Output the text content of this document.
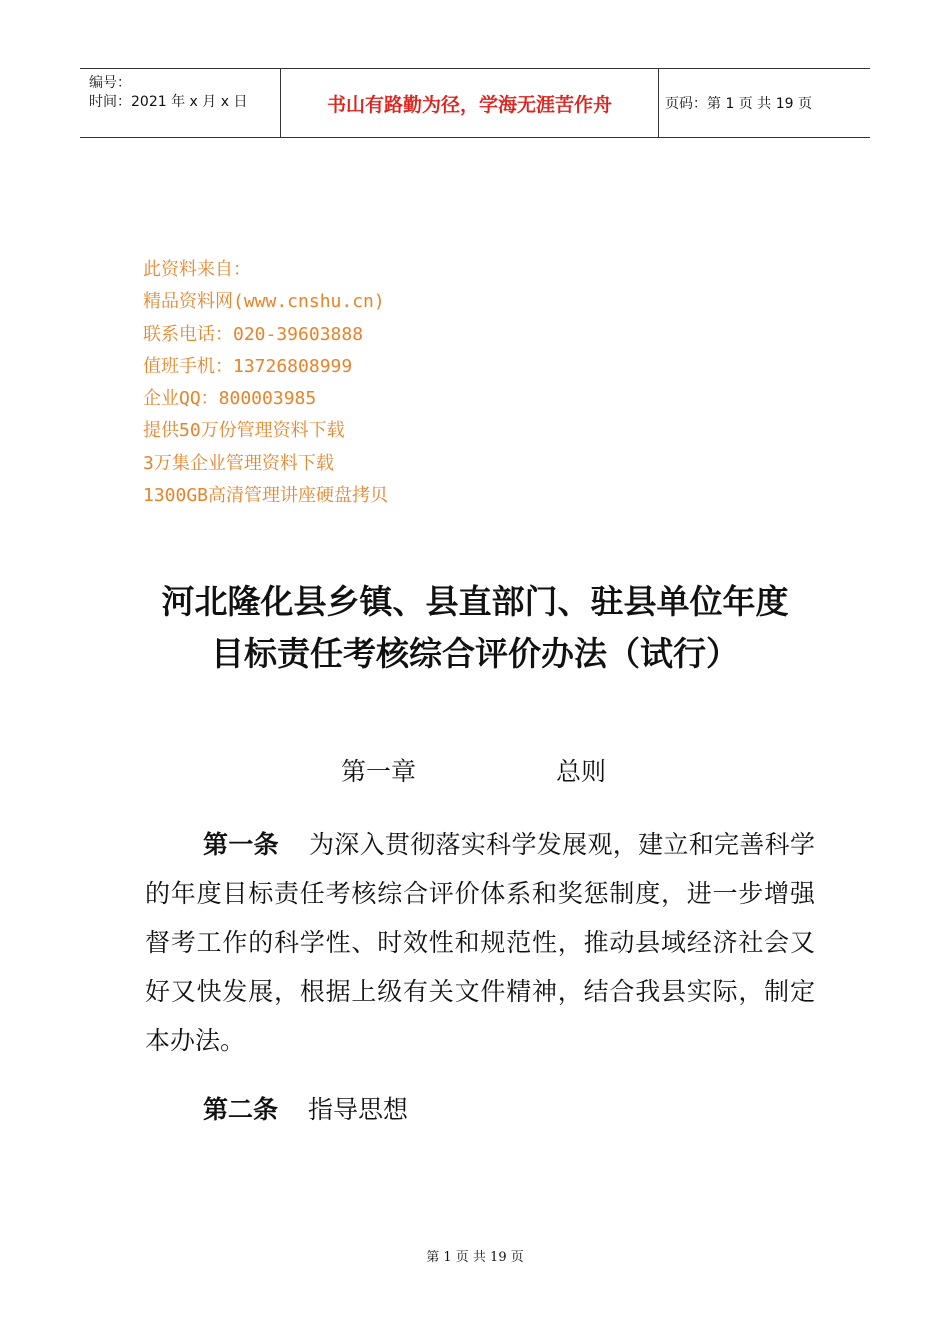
编号：
时间：2021 年 x 月 x 日	书山有路勤为径，学海无涯苦作舟	页码：第 1 页 共 19 页
此资料来自：
精品资料网(www.cnshu.cn)
联系电话：020-39603888
值班手机：13726808999
企业QQ：800003985
提供50万份管理资料下载
3万集企业管理资料下载
1300GB高清管理讲座硬盘拷贝
河北隆化县乡镇、县直部门、驻县单位年度目标责任考核综合评价办法（试行）
第一章	总则
第一条 为深入贯彻落实科学发展观，建立和完善科学的年度目标责任考核综合评价体系和奖惩制度，进一步增强督考工作的科学性、时效性和规范性，推动县域经济社会又好又快发展，根据上级有关文件精神，结合我县实际，制定本办法。
第二条 指导思想
第 1 页 共 19 页
